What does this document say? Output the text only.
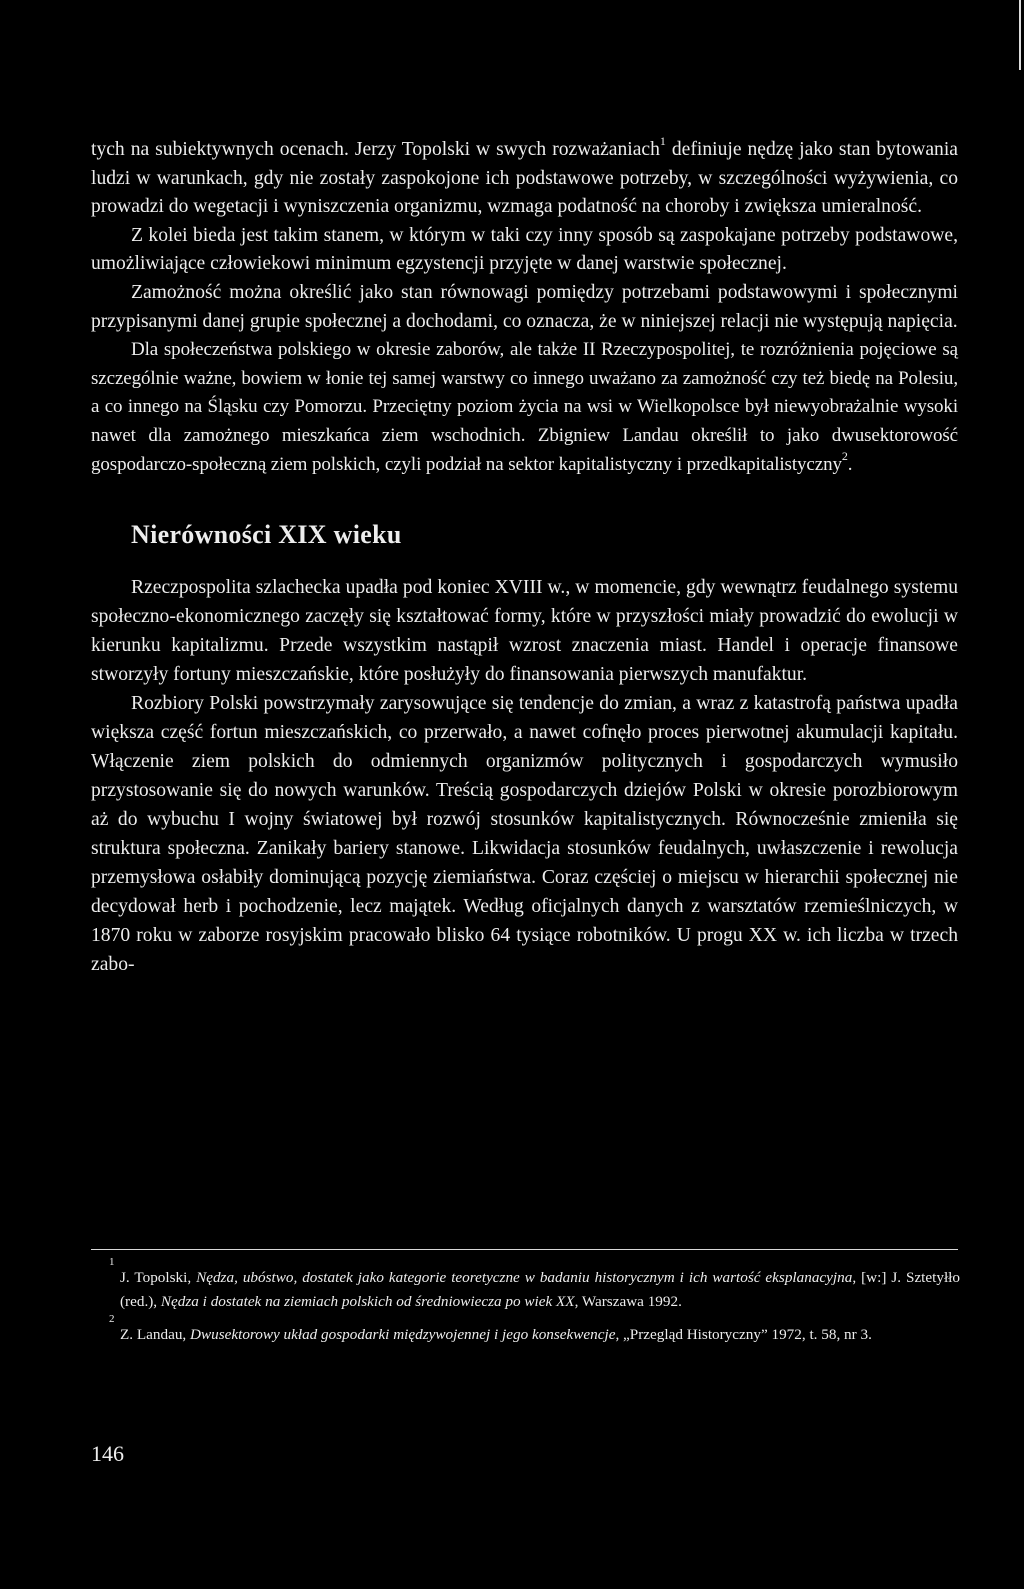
tych na subiektywnych ocenach. Jerzy Topolski w swych rozważaniach$^1$ definiuje nędzę jako stan bytowania ludzi w warunkach, gdy nie zostały zaspokojone ich podstawowe potrzeby, w szczególności wyżywienia, co prowadzi do wegetacji i wyniszczenia organizmu, wzmaga podatność na choroby i zwiększa umieralność.

Z kolei bieda jest takim stanem, w którym w taki czy inny sposób są zaspokajane potrzeby podstawowe, umożliwiające człowiekowi minimum egzystencji przyjęte w danej warstwie społecznej.

Zamożność można określić jako stan równowagi pomiędzy potrzebami podstawowymi i społecznymi przypisanymi danej grupie społecznej a dochodami, co oznacza, że w niniejszej relacji nie występują napięcia.

Dla społeczeństwa polskiego w okresie zaborów, ale także II Rzeczypospolitej, te rozróżnienia pojęciowe są szczególnie ważne, bowiem w łonie tej samej warstwy co innego uważano za zamożność czy też biedę na Polesiu, a co innego na Śląsku czy Pomorzu. Przeciętny poziom życia na wsi w Wielkopolsce był niewyobrażalnie wysoki nawet dla zamożnego mieszkańca ziem wschodnich. Zbigniew Landau określił to jako dwusektorowość gospodarczo-społeczną ziem polskich, czyli podział na sektor kapitalistyczny i przedkapitalistyczny$^2$.

Nierówności XIX wieku

Rzeczpospolita szlachecka upadła pod koniec XVIII w., w momencie, gdy wewnątrz feudalnego systemu społeczno-ekonomicznego zaczęły się kształtować formy, które w przyszłości miały prowadzić do ewolucji w kierunku kapitalizmu. Przede wszystkim nastąpił wzrost znaczenia miast. Handel i operacje finansowe stworzyły fortuny mieszczańskie, które posłużyły do finansowania pierwszych manufaktur.

Rozbiory Polski powstrzymały zarysowujące się tendencje do zmian, a wraz z katastrofą państwa upadła większa część fortun mieszczańskich, co przerwało, a nawet cofnęło proces pierwotnej akumulacji kapitału. Włączenie ziem polskich do odmiennych organizmów politycznych i gospodarczych wymusiło przystosowanie się do nowych warunków. Treścią gospodarczych dziejów Polski w okresie porozbiorowym aż do wybuchu I wojny światowej był rozwój stosunków kapitalistycznych. Równocześnie zmieniła się struktura społeczna. Zanikały bariery stanowe. Likwidacja stosunków feudalnych, uwłaszczenie i rewolucja przemysłowa osłabiły dominującą pozycję ziemiaństwa. Coraz częściej o miejscu w hierarchii społecznej nie decydował herb i pochodzenie, lecz majątek. Według oficjalnych danych z warsztatów rzemieślniczych, w 1870 roku w zaborze rosyjskim pracowało blisko 64 tysiące robotników. U progu XX w. ich liczba w trzech zabo-

1
J. Topolski, Nędza, ubóstwo, dostatek jako kategorie teoretyczne w badaniu historycznym i ich wartość eksplanacyjna, [w:] J. Sztetyłło (red.), Nędza i dostatek na ziemiach polskich od średniowiecza po wiek XX, Warszawa 1992.

2
Z. Landau, Dwusektorowy układ gospodarki międzywojennej i jego konsekwencje, „Przegląd Historyczny” 1972, t. 58, nr 3.

146
